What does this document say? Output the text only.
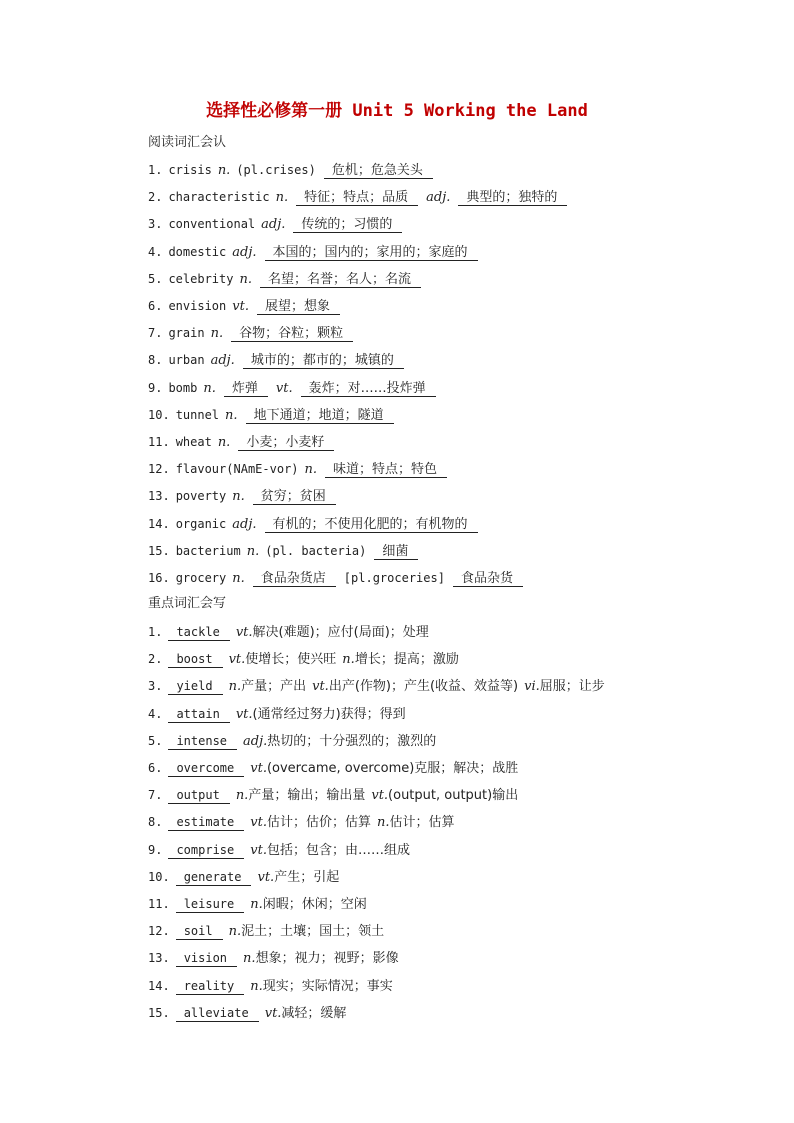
选择性必修第一册 Unit 5 Working the Land
阅读词汇会认
1. crisis n. (pl.crises) 危机；危急关头
2. characteristic n. 特征；特点；品质 adj. 典型的；独特的
3. conventional adj. 传统的；习惯的
4. domestic adj. 本国的；国内的；家用的；家庭的
5. celebrity n. 名望；名誉；名人；名流
6. envision vt. 展望；想象
7. grain n. 谷物；谷粒；颗粒
8. urban adj. 城市的；都市的；城镇的
9. bomb n. 炸弹 vt. 轰炸；对……投炸弹
10. tunnel n. 地下通道；地道；隧道
11. wheat n. 小麦；小麦籽
12. flavour(NAmE-vor) n. 味道；特点；特色
13. poverty n. 贫穷；贫困
14. organic adj. 有机的；不使用化肥的；有机物的
15. bacterium n. (pl. bacteria) 细菌
16. grocery n. 食品杂货店 [pl.groceries] 食品杂货
重点词汇会写
1. tackle vt.解决(难题)；应付(局面)；处理
2. boost vt.使增长；使兴旺 n.增长；提高；激励
3. yield n.产量；产出 vt.出产(作物)；产生(收益、效益等) vi.屈服；让步
4. attain vt.(通常经过努力)获得；得到
5. intense adj.热切的；十分强烈的；激烈的
6. overcome vt.(overcame, overcome)克服；解决；战胜
7. output n.产量；输出；输出量 vt.(output, output)输出
8. estimate vt.估计；估价；估算 n.估计；估算
9. comprise vt.包括；包含；由……组成
10. generate vt.产生；引起
11. leisure n.闲暇；休闲；空闲
12. soil n.泥土；土壤；国土；领土
13. vision n.想象；视力；视野；影像
14. reality n.现实；实际情况；事实
15. alleviate vt.减轻；缓解
